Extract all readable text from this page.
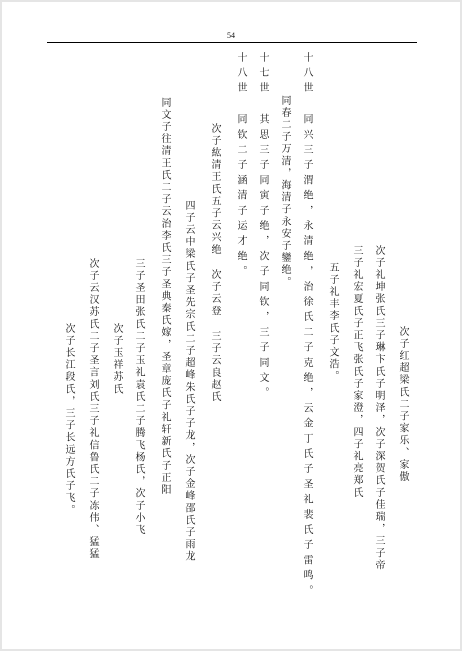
54
十八世 同兴三子渭绝，永清绝，治徐氏二子克绝，云金丁氏子圣礼裴氏子雷鸣。
同春二子万清，海清子永安子鑾绝。
十七世 其思三子同寅子绝，次子同钦，三子同文。
十八世 同钦二子涵清子运才绝。
次子紘清王氏五子云兴绝 次子云登 三子云良赵氏
四子云中梁氏子圣先宗氏二子超峰朱氏子子龙，次子金峰邵氏子雨龙
同文子往清王氏二子云治李氏三子圣典秦氏嫁，圣章庞氏子礼轩新氏子正阳
三子圣田张氏二子玉礼袁氏二子腾飞杨氏，次子小飞
次子玉祥苏氏
次子云汉苏氏二子圣言刘氏三子礼信鲁氏二子冻伟、猛猛
次子长江段氏，三子长远方氏子飞。	次子红超梁氏二子家乐、家傲
次子礼坤张氏三子琳卞氏子明泽，次子深贺氏子佳瑞，三子帝
三子礼宏夏氏子正飞张氏子家澄，四子礼亮郑氏
五子礼丰李氏子文浩。
